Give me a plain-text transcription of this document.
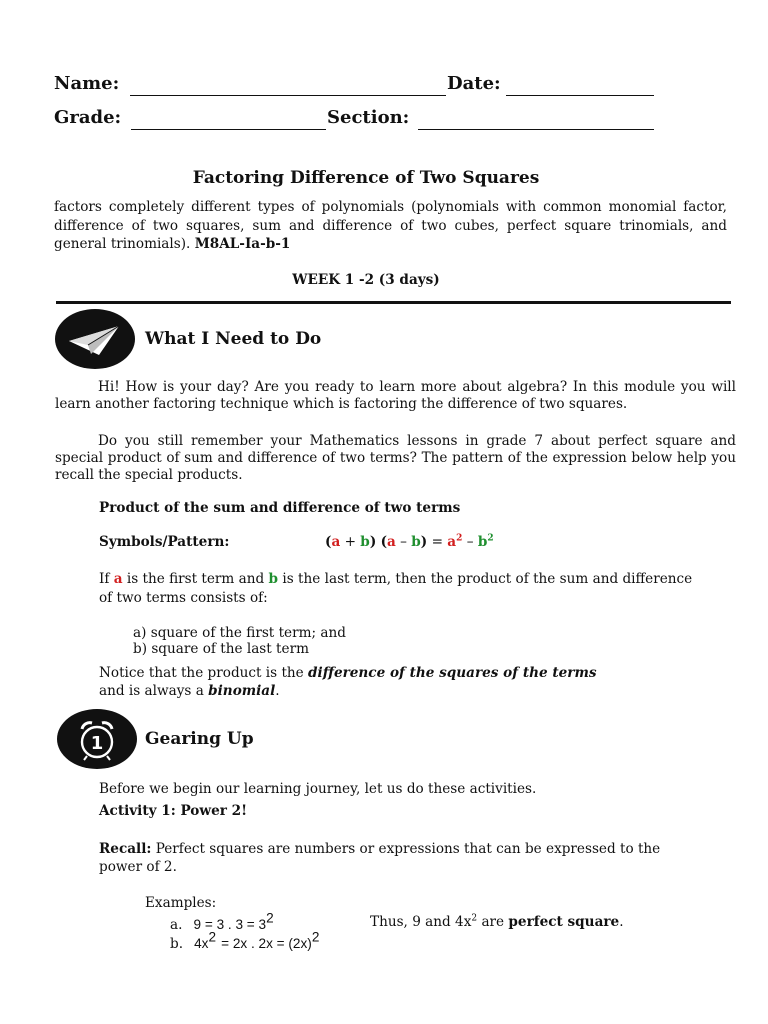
Name:	Date:
Grade:	Section:
Factoring Difference of Two Squares
factors completely different types of polynomials (polynomials with common monomial factor, difference of two squares, sum and difference of two cubes, perfect square trinomials, and general trinomials). M8AL-Ia-b-1
WEEK 1 -2 (3 days)
What I Need to Do
Hi! How is your day? Are you ready to learn more about algebra? In this module you will learn another factoring technique which is factoring the difference of two squares.
Do you still remember your Mathematics lessons in grade 7 about perfect square and special product of sum and difference of two terms? The pattern of the expression below help you recall the special products.
Product of the sum and difference of two terms
Symbols/Pattern:	(a + b) $(a - b) = a^2 - b^2$
If a is the first term and b is the last term, then the product of the sum and difference of two terms consists of:
a) square of the first term; and
b) square of the last term
Notice that the product is the difference of the squares of the terms
and is always a binomial.
1 Gearing Up
Before we begin our learning journey, let us do these activities.
Activity 1: Power 2!
Recall: Perfect squares are numbers or expressions that can be expressed to the power of 2.
Examples:
a. 9 = 3 . $3 = 3^2$	Thus, 9 and $4x^2$ are perfect square.
b. $4x^2 = 2x$ . $2x = (2x)^2$
